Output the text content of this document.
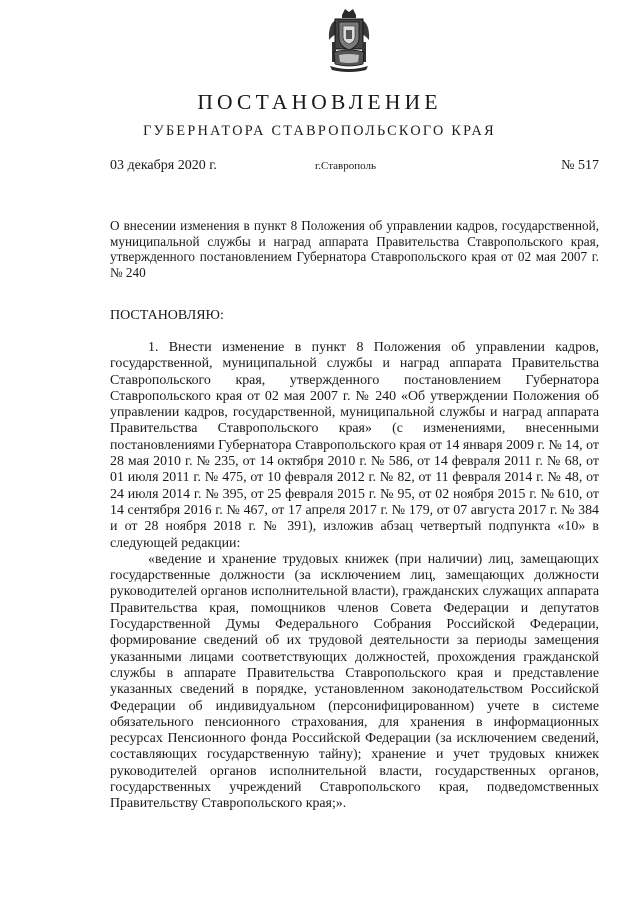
ПОСТАНОВЛЕНИЕ
ГУБЕРНАТОРА СТАВРОПОЛЬСКОГО КРАЯ
03 декабря 2020 г.	г.Ставрополь	№ 517

О внесении изменения в пункт 8 Положения об управлении кадров, государственной, муниципальной службы и наград аппарата Правительства Ставропольского края, утвержденного постановлением Губернатора Ставропольского края от 02 мая 2007 г. № 240

ПОСТАНОВЛЯЮ:

1. Внести изменение в пункт 8 Положения об управлении кадров, государственной, муниципальной службы и наград аппарата Правительства Ставропольского края, утвержденного постановлением Губернатора Ставропольского края от 02 мая 2007 г. № 240 «Об утверждении Положения об управлении кадров, государственной, муниципальной службы и наград аппарата Правительства Ставропольского края» (с изменениями, внесенными постановлениями Губернатора Ставропольского края от 14 января 2009 г. № 14, от 28 мая 2010 г. № 235, от 14 октября 2010 г. № 586, от 14 февраля 2011 г. № 68, от 01 июля 2011 г. № 475, от 10 февраля 2012 г. № 82, от 11 февраля 2014 г. № 48, от 24 июля 2014 г. № 395, от 25 февраля 2015 г. № 95, от 02 ноября 2015 г. № 610, от 14 сентября 2016 г. № 467, от 17 апреля 2017 г. № 179, от 07 августа 2017 г. № 384 и от 28 ноября 2018 г. № 391), изложив абзац четвертый подпункта «10» в следующей редакции:

«ведение и хранение трудовых книжек (при наличии) лиц, замещающих государственные должности (за исключением лиц, замещающих должности руководителей органов исполнительной власти), гражданских служащих аппарата Правительства края, помощников членов Совета Федерации и депутатов Государственной Думы Федерального Собрания Российской Федерации, формирование сведений об их трудовой деятельности за периоды замещения указанными лицами соответствующих должностей, прохождения гражданской службы в аппарате Правительства Ставропольского края и представление указанных сведений в порядке, установленном законодательством Российской Федерации об индивидуальном (персонифицированном) учете в системе обязательного пенсионного страхования, для хранения в информационных ресурсах Пенсионного фонда Российской Федерации (за исключением сведений, составляющих государственную тайну); хранение и учет трудовых книжек руководителей органов исполнительной власти, государственных органов, государственных учреждений Ставропольского края, подведомственных Правительству Ставропольского края;».
